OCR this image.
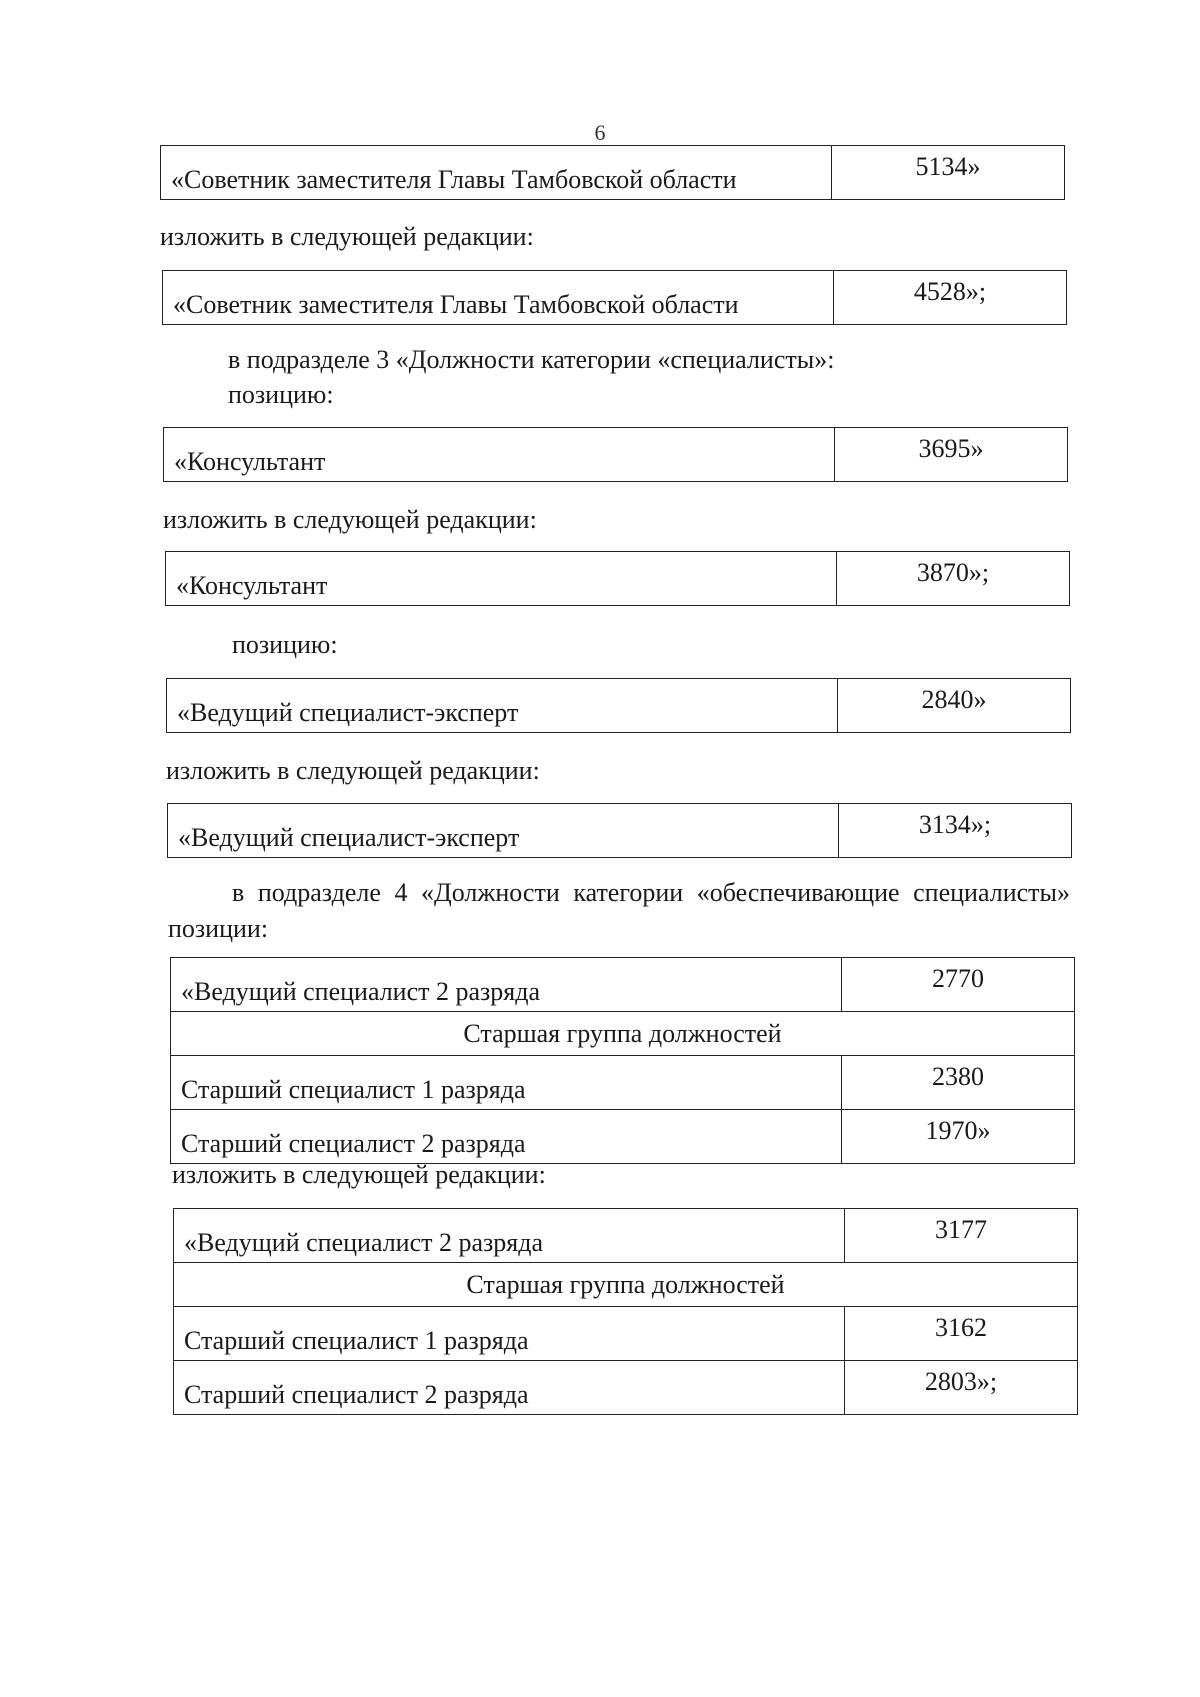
6
«Советник заместителя Главы Тамбовской области	5134»
изложить в следующей редакции:
«Советник заместителя Главы Тамбовской области	4528»;
в подразделе 3 «Должности категории «специалисты»:
позицию:
«Консультант	3695»
изложить в следующей редакции:
«Консультант	3870»;
позицию:
«Ведущий специалист-эксперт	2840»
изложить в следующей редакции:
«Ведущий специалист-эксперт	3134»;
в подразделе 4 «Должности категории «обеспечивающие специалисты»
позиции:
«Ведущий специалист 2 разряда	2770
Старшая группа должностей	
Старший специалист 1 разряда	2380
Старший специалист 2 разряда	1970»
изложить в следующей редакции:
«Ведущий специалист 2 разряда	3177
Старшая группа должностей	
Старший специалист 1 разряда	3162
Старший специалист 2 разряда	2803»;
